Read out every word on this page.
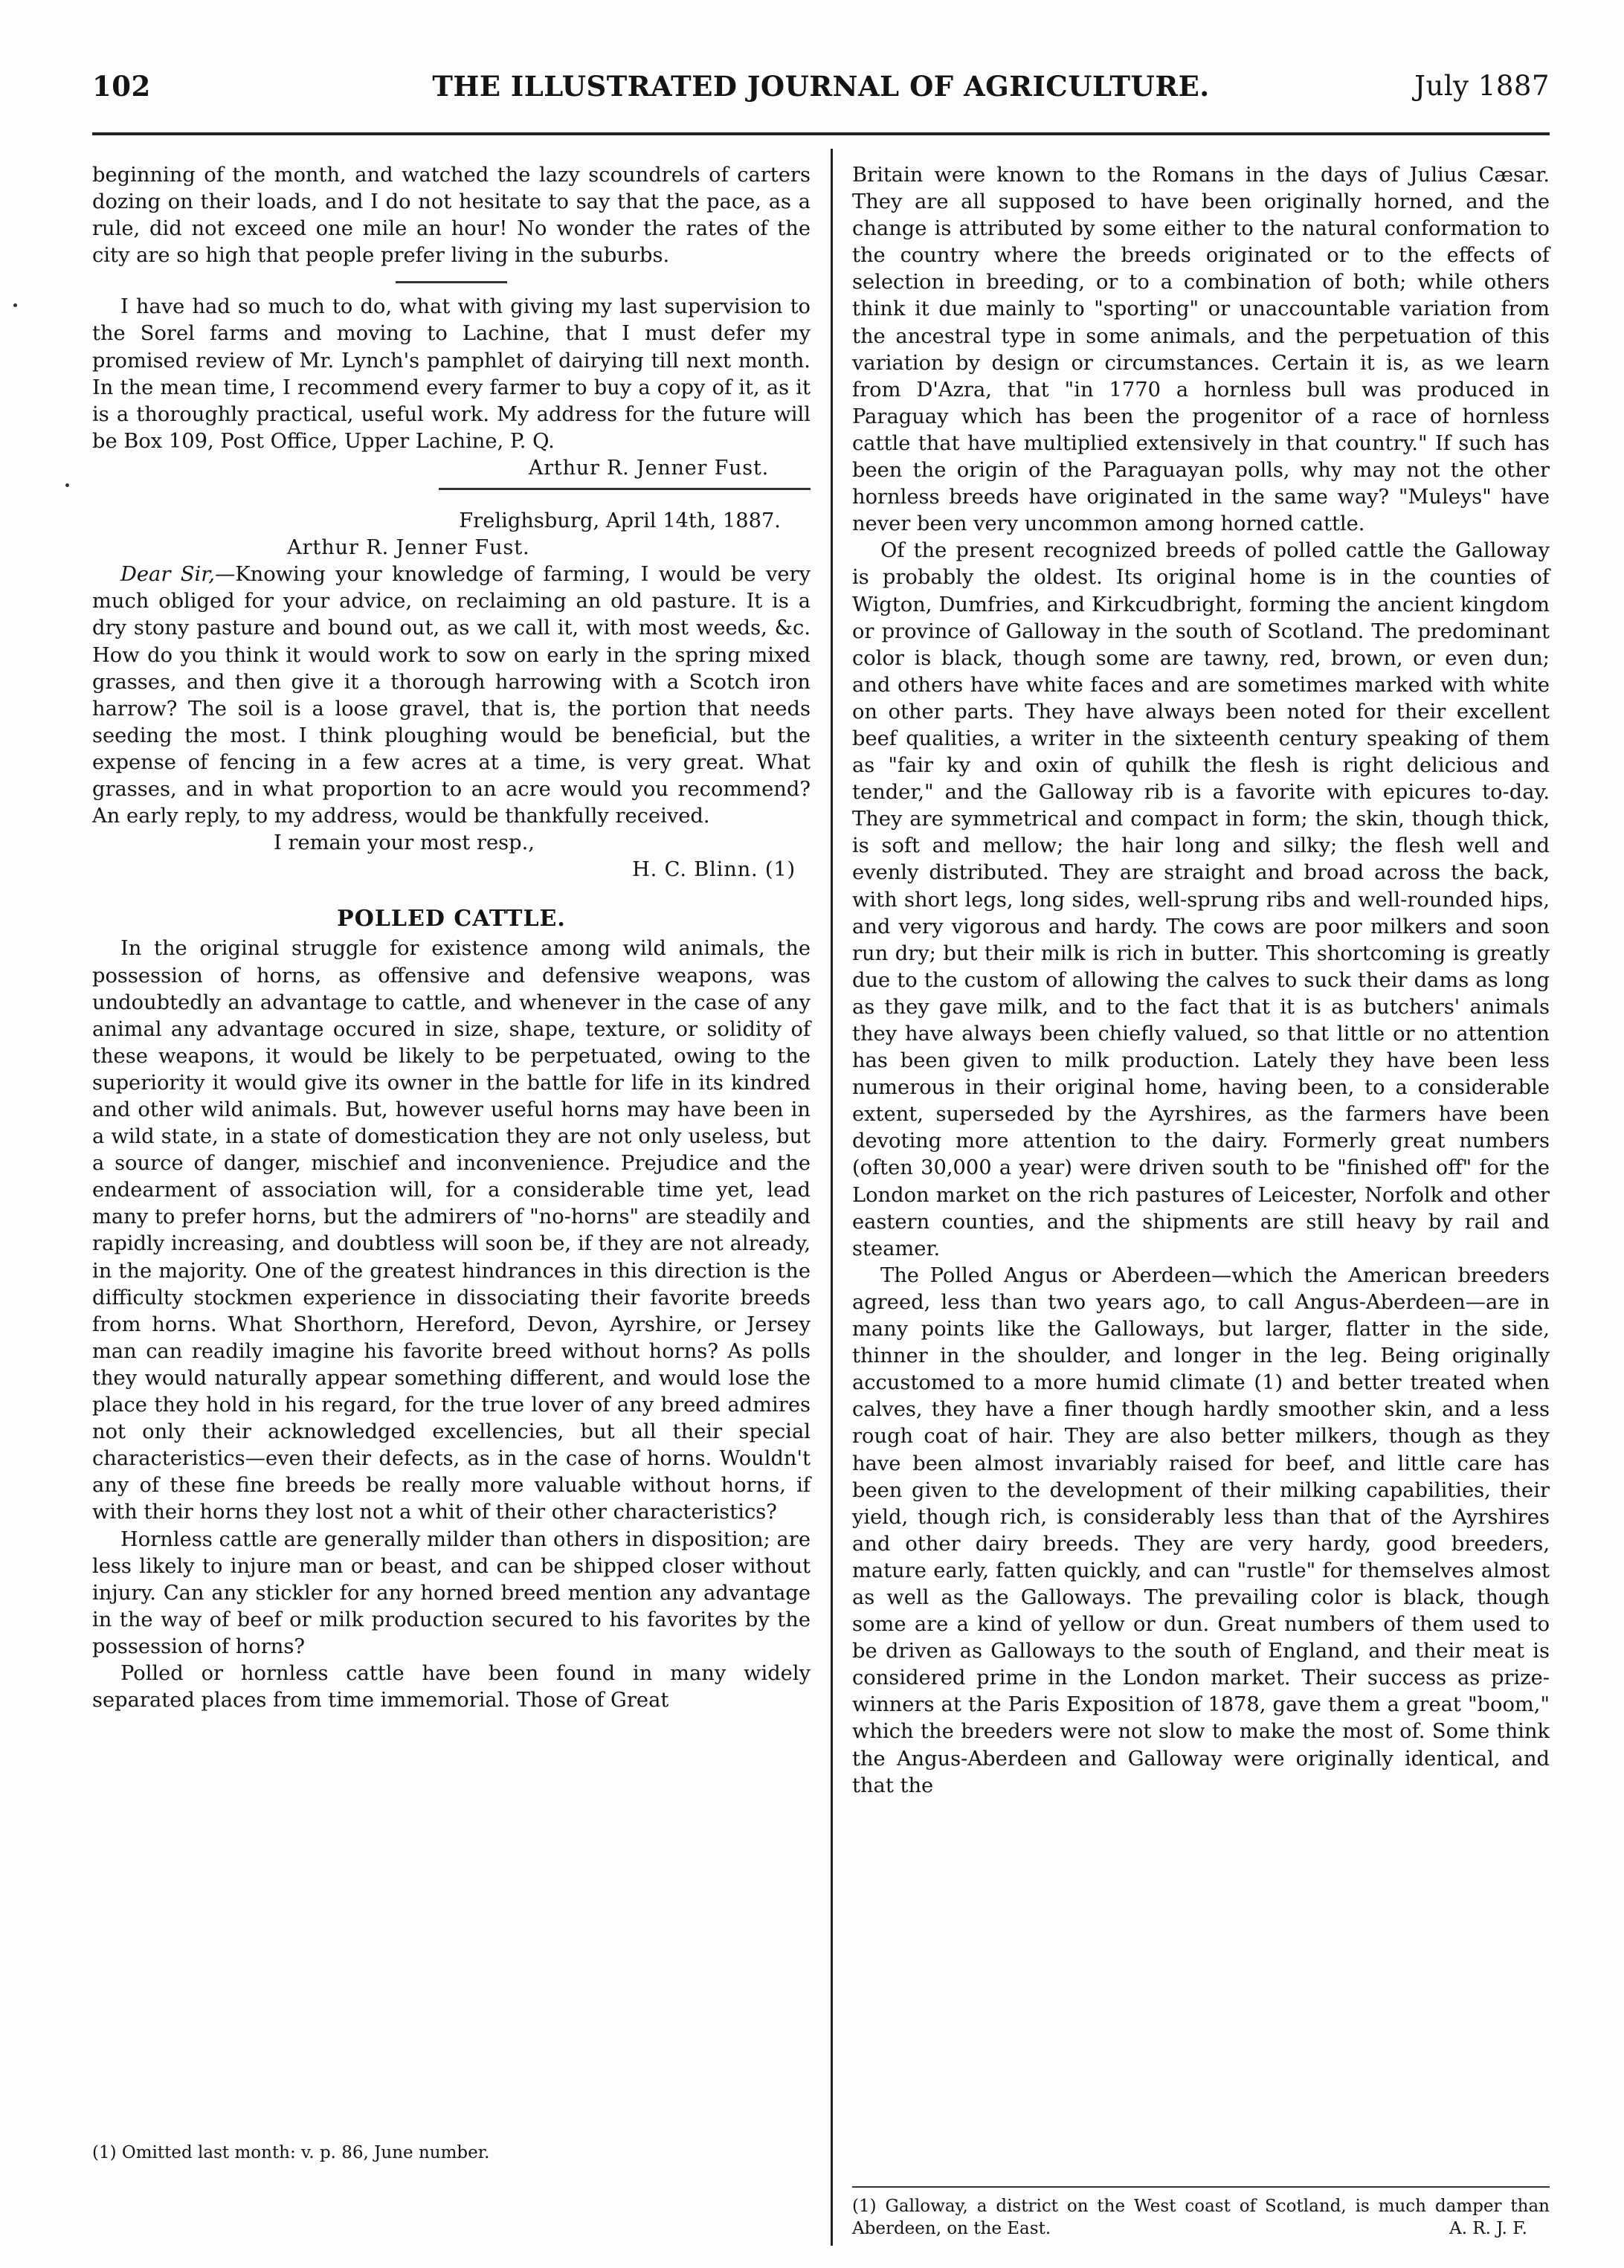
102	THE ILLUSTRATED JOURNAL OF AGRICULTURE.	July 1887

beginning of the month, and watched the lazy scoundrels of carters dozing on their loads, and I do not hesitate to say that the pace, as a rule, did not exceed one mile an hour! No wonder the rates of the city are so high that people prefer living in the suburbs.

I have had so much to do, what with giving my last supervision to the Sorel farms and moving to Lachine, that I must defer my promised review of Mr. Lynch's pamphlet of dairying till next month. In the mean time, I recommend every farmer to buy a copy of it, as it is a thoroughly practical, useful work. My address for the future will be Box 109, Post Office, Upper Lachine, P. Q.

Arthur R. Jenner Fust.

Frelighsburg, April 14th, 1887.

Arthur R. Jenner Fust.

Dear Sir,—Knowing your knowledge of farming, I would be very much obliged for your advice, on reclaiming an old pasture. It is a dry stony pasture and bound out, as we call it, with most weeds, &c. How do you think it would work to sow on early in the spring mixed grasses, and then give it a thorough harrowing with a Scotch iron harrow? The soil is a loose gravel, that is, the portion that needs seeding the most. I think ploughing would be beneficial, but the expense of fencing in a few acres at a time, is very great. What grasses, and in what proportion to an acre would you recommend? An early reply, to my address, would be thankfully received.

I remain your most resp.,

H. C. Blinn. (1)

POLLED CATTLE.

In the original struggle for existence among wild animals, the possession of horns, as offensive and defensive weapons, was undoubtedly an advantage to cattle, and whenever in the case of any animal any advantage occured in size, shape, texture, or solidity of these weapons, it would be likely to be perpetuated, owing to the superiority it would give its owner in the battle for life in its kindred and other wild animals. But, however useful horns may have been in a wild state, in a state of domestication they are not only useless, but a source of danger, mischief and inconvenience. Prejudice and the endearment of association will, for a considerable time yet, lead many to prefer horns, but the admirers of "no-horns" are steadily and rapidly increasing, and doubtless will soon be, if they are not already, in the majority. One of the greatest hindrances in this direction is the difficulty stockmen experience in dissociating their favorite breeds from horns. What Shorthorn, Hereford, Devon, Ayrshire, or Jersey man can readily imagine his favorite breed without horns? As polls they would naturally appear something different, and would lose the place they hold in his regard, for the true lover of any breed admires not only their acknowledged excellencies, but all their special characteristics—even their defects, as in the case of horns. Wouldn't any of these fine breeds be really more valuable without horns, if with their horns they lost not a whit of their other characteristics?

Hornless cattle are generally milder than others in disposition; are less likely to injure man or beast, and can be shipped closer without injury. Can any stickler for any horned breed mention any advantage in the way of beef or milk production secured to his favorites by the possession of horns?

Polled or hornless cattle have been found in many widely separated places from time immemorial. Those of Great

(1) Omitted last month: v. p. 86, June number.

Britain were known to the Romans in the days of Julius Cæsar. They are all supposed to have been originally horned, and the change is attributed by some either to the natural conformation to the country where the breeds originated or to the effects of selection in breeding, or to a combination of both; while others think it due mainly to "sporting" or unaccountable variation from the ancestral type in some animals, and the perpetuation of this variation by design or circumstances. Certain it is, as we learn from D'Azra, that "in 1770 a hornless bull was produced in Paraguay which has been the progenitor of a race of hornless cattle that have multiplied extensively in that country." If such has been the origin of the Paraguayan polls, why may not the other hornless breeds have originated in the same way? "Muleys" have never been very uncommon among horned cattle.

Of the present recognized breeds of polled cattle the Galloway is probably the oldest. Its original home is in the counties of Wigton, Dumfries, and Kirkcudbright, forming the ancient kingdom or province of Galloway in the south of Scotland. The predominant color is black, though some are tawny, red, brown, or even dun; and others have white faces and are sometimes marked with white on other parts. They have always been noted for their excellent beef qualities, a writer in the sixteenth century speaking of them as "fair ky and oxin of quhilk the flesh is right delicious and tender," and the Galloway rib is a favorite with epicures to-day. They are symmetrical and compact in form; the skin, though thick, is soft and mellow; the hair long and silky; the flesh well and evenly distributed. They are straight and broad across the back, with short legs, long sides, well-sprung ribs and well-rounded hips, and very vigorous and hardy. The cows are poor milkers and soon run dry; but their milk is rich in butter. This shortcoming is greatly due to the custom of allowing the calves to suck their dams as long as they gave milk, and to the fact that it is as butchers' animals they have always been chiefly valued, so that little or no attention has been given to milk production. Lately they have been less numerous in their original home, having been, to a considerable extent, superseded by the Ayrshires, as the farmers have been devoting more attention to the dairy. Formerly great numbers (often 30,000 a year) were driven south to be "finished off" for the London market on the rich pastures of Leicester, Norfolk and other eastern counties, and the shipments are still heavy by rail and steamer.

The Polled Angus or Aberdeen—which the American breeders agreed, less than two years ago, to call Angus-Aberdeen—are in many points like the Galloways, but larger, flatter in the side, thinner in the shoulder, and longer in the leg. Being originally accustomed to a more humid climate (1) and better treated when calves, they have a finer though hardly smoother skin, and a less rough coat of hair. They are also better milkers, though as they have been almost invariably raised for beef, and little care has been given to the development of their milking capabilities, their yield, though rich, is considerably less than that of the Ayrshires and other dairy breeds. They are very hardy, good breeders, mature early, fatten quickly, and can "rustle" for themselves almost as well as the Galloways. The prevailing color is black, though some are a kind of yellow or dun. Great numbers of them used to be driven as Galloways to the south of England, and their meat is considered prime in the London market. Their success as prize-winners at the Paris Exposition of 1878, gave them a great "boom," which the breeders were not slow to make the most of. Some think the Angus-Aberdeen and Galloway were originally identical, and that the

(1) Galloway, a district on the West coast of Scotland, is much damper than Aberdeen, on the East.	A. R. J. F.
